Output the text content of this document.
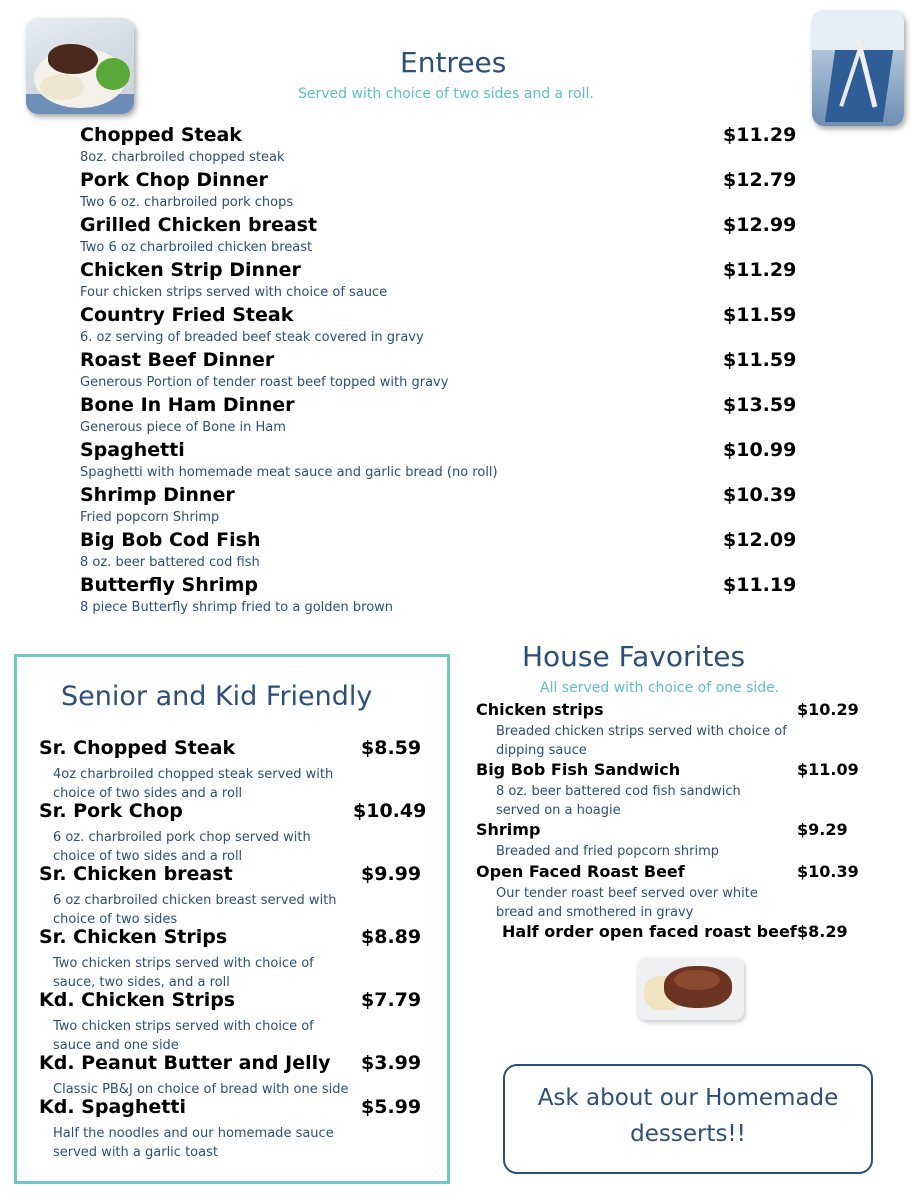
Entrees
Served with choice of two sides and a roll.
Chopped Steak
8oz. charbroiled chopped steak
$11.29
Pork Chop Dinner
Two 6 oz. charbroiled pork chops
$12.79
Grilled Chicken breast
Two 6 oz charbroiled chicken breast
$12.99
Chicken Strip Dinner
Four chicken strips served with choice of sauce
$11.29
Country Fried Steak
6. oz serving of breaded beef steak covered in gravy
$11.59
Roast Beef Dinner
Generous Portion of tender roast beef topped with gravy
$11.59
Bone In Ham Dinner
Generous piece of Bone in Ham
$13.59
Spaghetti
Spaghetti with homemade meat sauce and garlic bread (no roll)
$10.99
Shrimp Dinner
Fried popcorn Shrimp
$10.39
Big Bob Cod Fish
8 oz. beer battered cod fish
$12.09
Butterfly Shrimp
8 piece Butterfly shrimp fried to a golden brown
$11.19
Senior and Kid Friendly
Sr. Chopped Steak
4oz charbroiled chopped steak served with choice of two sides and a roll
$8.59
Sr. Pork Chop
6 oz. charbroiled pork chop served with choice of two sides and a roll
$10.49
Sr. Chicken breast
6 oz charbroiled chicken breast served with choice of two sides
$9.99
Sr. Chicken Strips
Two chicken strips served with choice of sauce, two sides, and a roll
$8.89
Kd. Chicken Strips
Two chicken strips served with choice of sauce and one side
$7.79
Kd. Peanut Butter and Jelly
Classic PB&J on choice of bread with one side
$3.99
Kd. Spaghetti
Half the noodles and our homemade sauce served with a garlic toast
$5.99
House Favorites
All served with choice of one side.
Chicken strips
Breaded chicken strips served with choice of dipping sauce
$10.29
Big Bob Fish Sandwich
8 oz. beer battered cod fish sandwich served on a hoagie
$11.09
Shrimp
Breaded and fried popcorn shrimp
$9.29
Open Faced Roast Beef
Our tender roast beef served over white bread and smothered in gravy
$10.39
Half order open faced roast beef $8.29
Ask about our Homemade
desserts!!
